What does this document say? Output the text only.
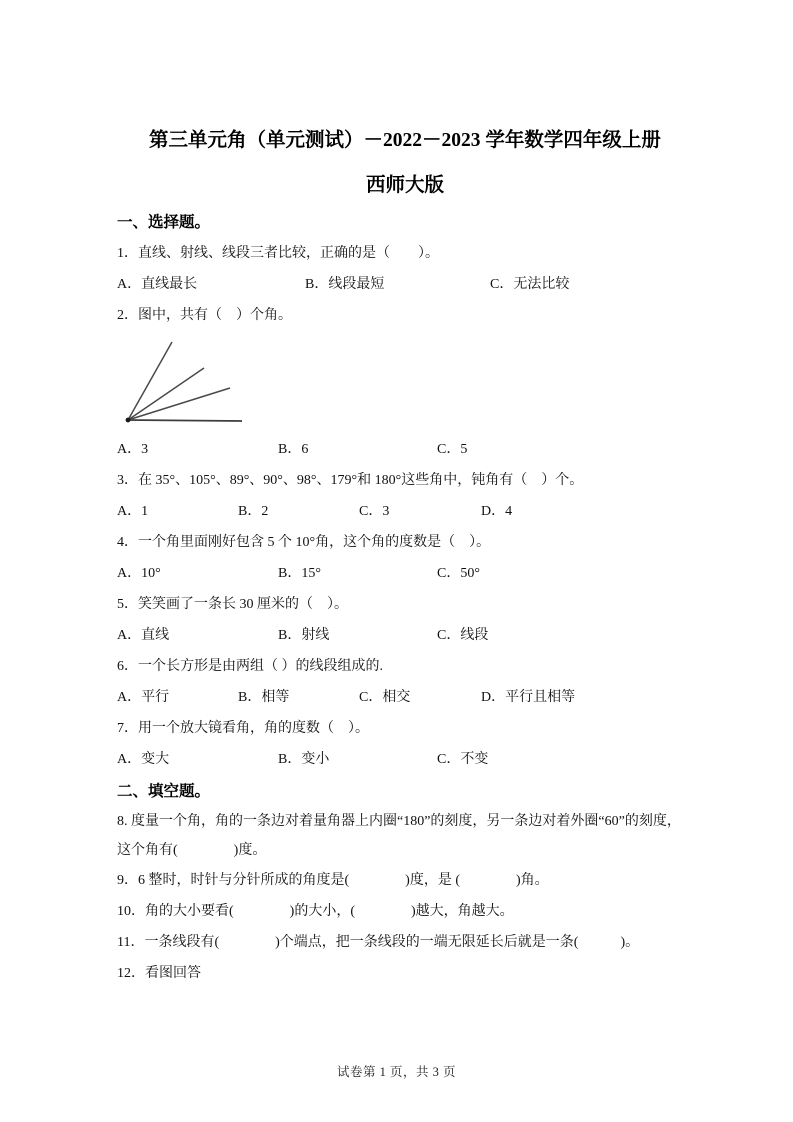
第三单元角（单元测试）－2022－2023 学年数学四年级上册
西师大版
一、选择题。

1．直线、射线、线段三者比较，正确的是（　　）。

A．直线最长	B．线段最短	C．无法比较

2．图中，共有（　）个角。

A．3	B．6	C．5

3．在 35°、105°、89°、90°、98°、179°和 180°这些角中，钝角有（　）个。

A．1	B．2	C．3	D．4

4．一个角里面刚好包含 5 个 10°角，这个角的度数是（　）。

A．10°	B．15°	C．50°

5．笑笑画了一条长 30 厘米的（　）。

A．直线	B．射线	C．线段

6．一个长方形是由两组（ ）的线段组成的.

A．平行	B．相等	C．相交	D．平行且相等

7．用一个放大镜看角，角的度数（　）。

A．变大	B．变小	C．不变
二、填空题。

8. 度量一个角，角的一条边对着量角器上内圈“180”的刻度，另一条边对着外圈“60”的刻度，
这个角有(　　　　)度。

9．6 整时，时针与分针所成的角度是(　　　　)度，是 (　　　　)角。

10．角的大小要看(　　　　)的大小，(　　　　)越大，角越大。

11．一条线段有(　　　　)个端点，把一条线段的一端无限延长后就是一条(　　　)。

12．看图回答

试卷第 1 页，共 3 页
